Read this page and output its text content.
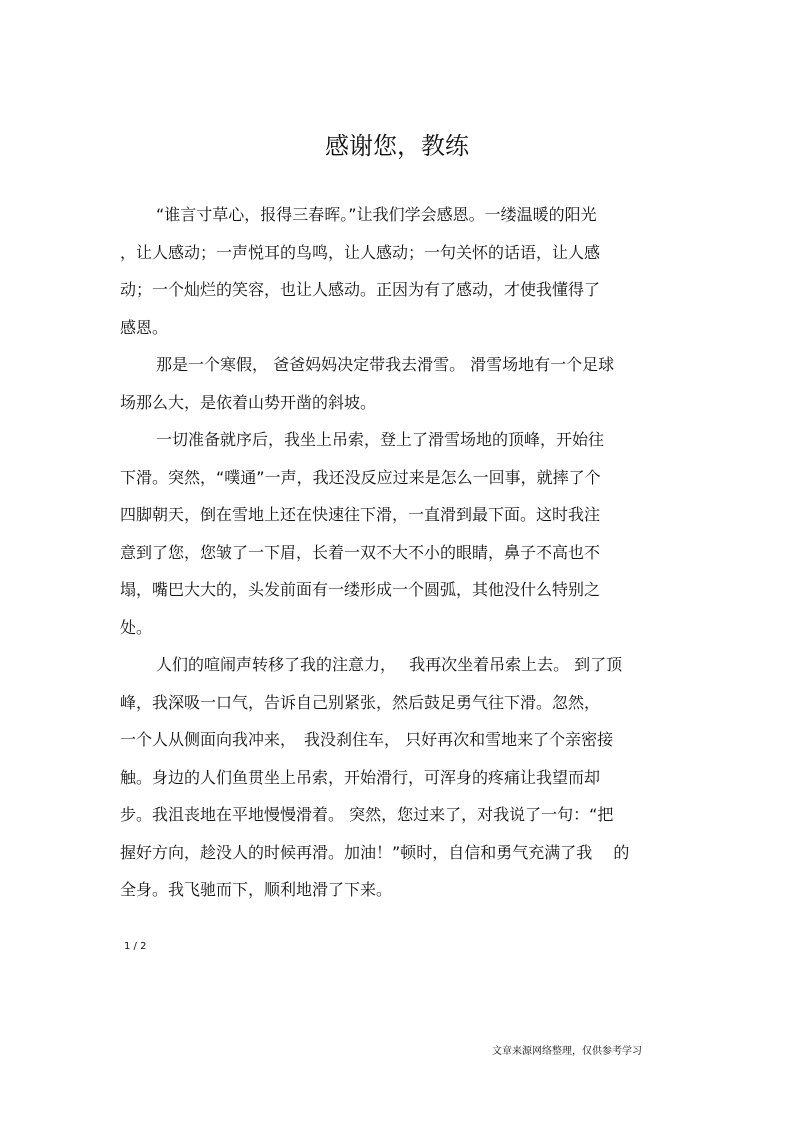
感谢您，教练

“谁言寸草心，报得三春晖。”让我们学会感恩。一缕温暖的阳光

，让人感动；一声悦耳的鸟鸣，让人感动；一句关怀的话语，让人感

动；一个灿烂的笑容，也让人感动。正因为有了感动，才使我懂得了

感恩。

那是一个寒假， 爸爸妈妈决定带我去滑雪。 滑雪场地有一个足球

场那么大，是依着山势开凿的斜坡。

一切准备就序后，我坐上吊索，登上了滑雪场地的顶峰，开始往

下滑。突然，“噗通”一声，我还没反应过来是怎么一回事，就摔了个

四脚朝天，倒在雪地上还在快速往下滑，一直滑到最下面。这时我注

意到了您，您皱了一下眉，长着一双不大不小的眼睛，鼻子不高也不

塌，嘴巴大大的，头发前面有一缕形成一个圆弧，其他没什么特别之

处。

人们的喧闹声转移了我的注意力，　 我再次坐着吊索上去。 到了顶

峰，我深吸一口气，告诉自己别紧张，然后鼓足勇气往下滑。忽然，

一个人从侧面向我冲来，　我没刹住车， 只好再次和雪地来了个亲密接

触。身边的人们鱼贯坐上吊索，开始滑行，可浑身的疼痛让我望而却

步。我沮丧地在平地慢慢滑着。 突然，您过来了，对我说了一句：“把

握好方向，趁没人的时候再滑。加油！”顿时，自信和勇气充满了我　 的

全身。我飞驰而下，顺利地滑了下来。

1 / 2
文章来源网络整理，仅供参考学习
